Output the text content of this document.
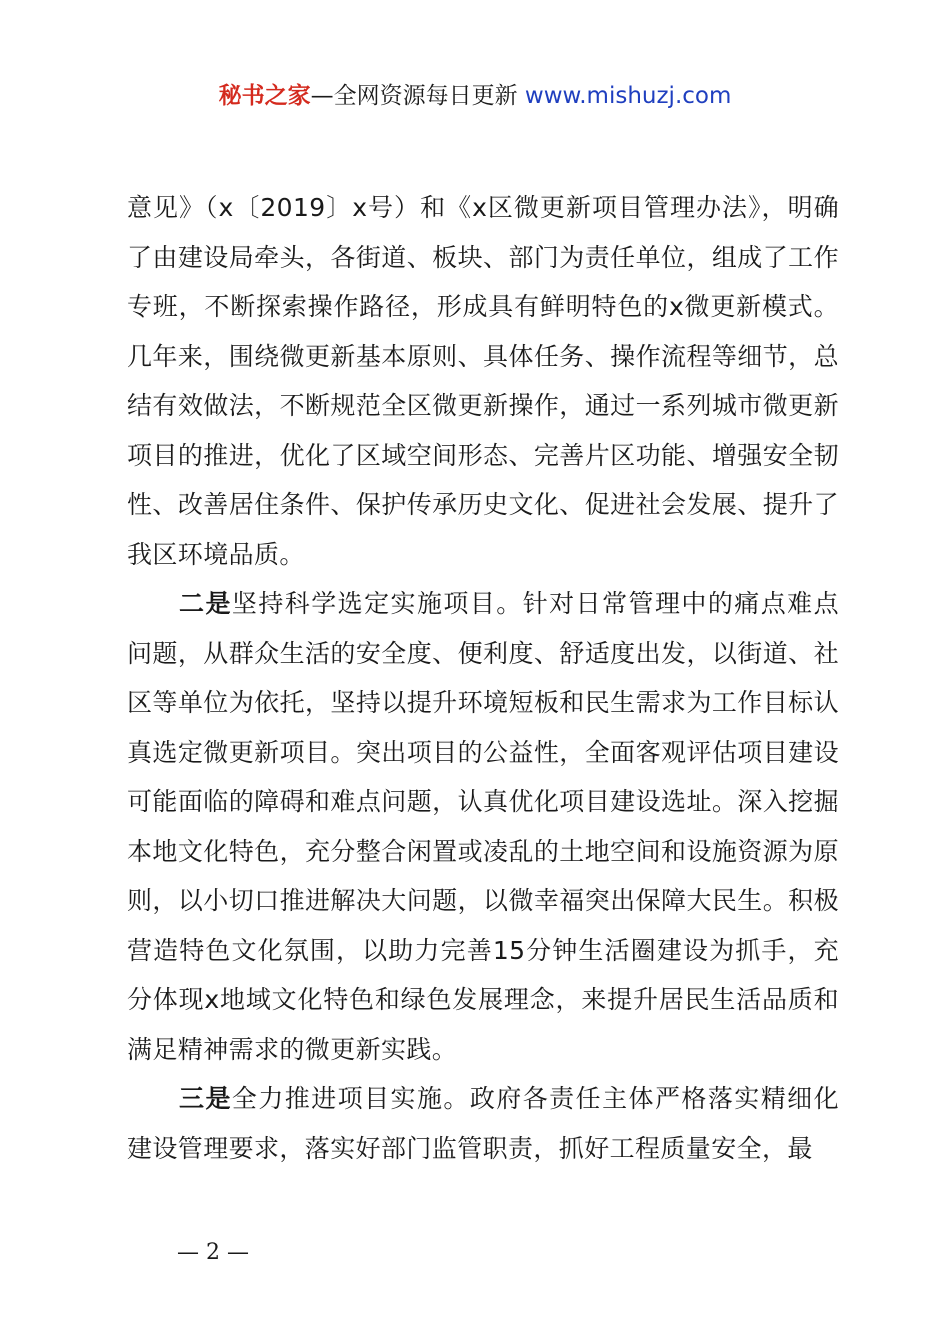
秘书之家—全网资源每日更新 www.mishuzj.com

意见》（x〔2019〕x号）和《x区微更新项目管理办法》，明确了由建设局牵头，各街道、板块、部门为责任单位，组成了工作专班，不断探索操作路径，形成具有鲜明特色的x微更新模式。几年来，围绕微更新基本原则、具体任务、操作流程等细节，总结有效做法，不断规范全区微更新操作，通过一系列城市微更新项目的推进，优化了区域空间形态、完善片区功能、增强安全韧性、改善居住条件、保护传承历史文化、促进社会发展、提升了我区环境品质。

二是坚持科学选定实施项目。针对日常管理中的痛点难点问题，从群众生活的安全度、便利度、舒适度出发，以街道、社区等单位为依托，坚持以提升环境短板和民生需求为工作目标认真选定微更新项目。突出项目的公益性，全面客观评估项目建设可能面临的障碍和难点问题，认真优化项目建设选址。深入挖掘本地文化特色，充分整合闲置或凌乱的土地空间和设施资源为原则，以小切口推进解决大问题，以微幸福突出保障大民生。积极营造特色文化氛围，以助力完善15分钟生活圈建设为抓手，充分体现x地域文化特色和绿色发展理念，来提升居民生活品质和满足精神需求的微更新实践。

三是全力推进项目实施。政府各责任主体严格落实精细化建设管理要求，落实好部门监管职责，抓好工程质量安全，最

— 2 —
